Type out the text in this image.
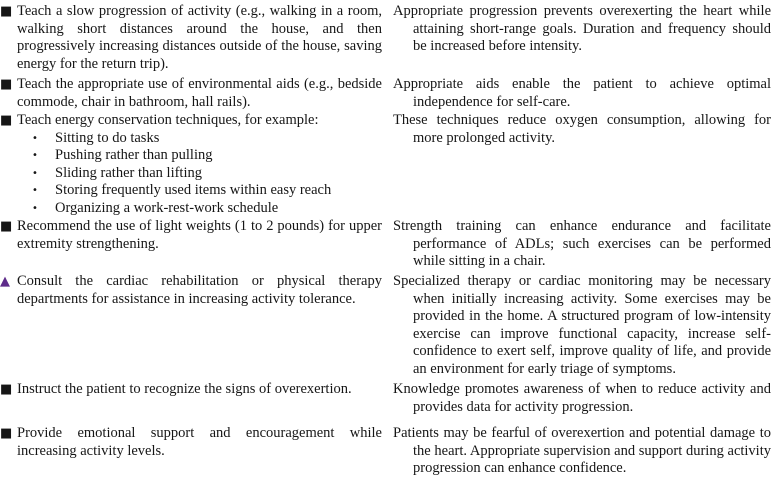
■ Teach a slow progression of activity (e.g., walking in a room, walking short distances around the house, and then progressively increasing distances outside of the house, saving energy for the return trip).
Appropriate progression prevents overexerting the heart while attaining short-range goals. Duration and frequency should be increased before intensity.
■ Teach the appropriate use of environmental aids (e.g., bedside commode, chair in bathroom, hall rails).
Appropriate aids enable the patient to achieve optimal independence for self-care.
■ Teach energy conservation techniques, for example:
• Sitting to do tasks
• Pushing rather than pulling
• Sliding rather than lifting
• Storing frequently used items within easy reach
• Organizing a work-rest-work schedule
These techniques reduce oxygen consumption, allowing for more prolonged activity.
■ Recommend the use of light weights (1 to 2 pounds) for upper extremity strengthening.
Strength training can enhance endurance and facilitate performance of ADLs; such exercises can be performed while sitting in a chair.
▲ Consult the cardiac rehabilitation or physical therapy departments for assistance in increasing activity tolerance.
Specialized therapy or cardiac monitoring may be necessary when initially increasing activity. Some exercises may be provided in the home. A structured program of low-intensity exercise can improve functional capacity, increase self-confidence to exert self, improve quality of life, and provide an environment for early triage of symptoms.
■ Instruct the patient to recognize the signs of overexertion.	Knowledge promotes awareness of when to reduce activity and provides data for activity progression.
■ Provide emotional support and encouragement while increasing activity levels.
Patients may be fearful of overexertion and potential damage to the heart. Appropriate supervision and support during activity progression can enhance confidence.
